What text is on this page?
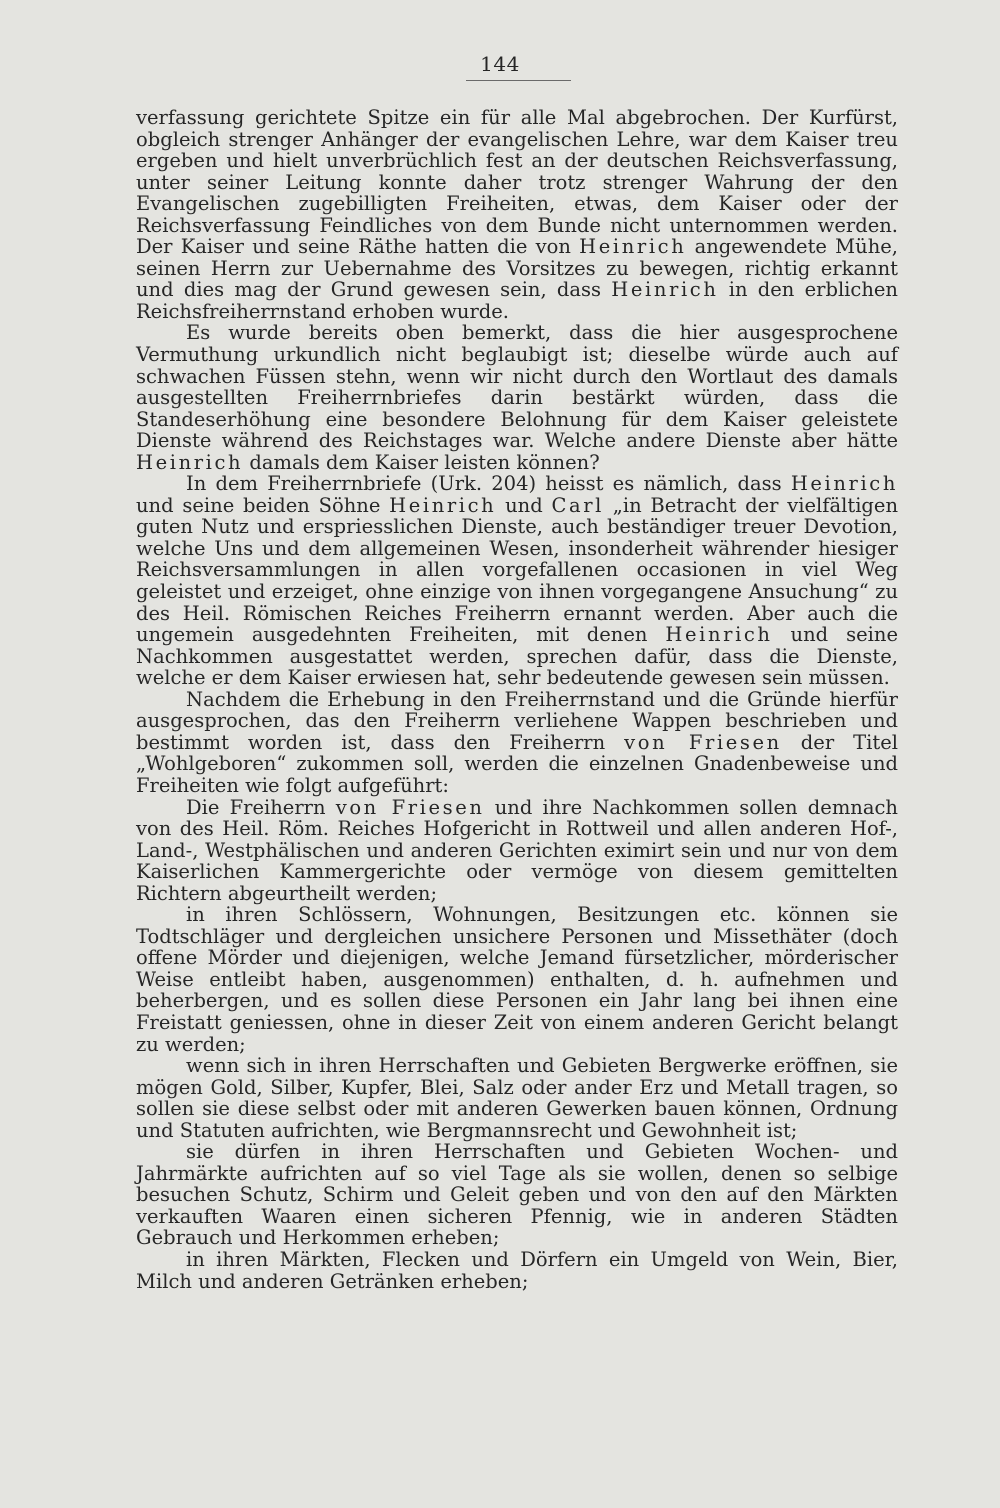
144

verfassung gerichtete Spitze ein für alle Mal abgebrochen. Der Kurfürst, obgleich strenger Anhänger der evangelischen Lehre, war dem Kaiser treu ergeben und hielt unverbrüchlich fest an der deutschen Reichsverfassung, unter seiner Leitung konnte daher trotz strenger Wahrung der den Evangelischen zugebilligten Freiheiten, etwas, dem Kaiser oder der Reichsverfassung Feindliches von dem Bunde nicht unternommen werden. Der Kaiser und seine Räthe hatten die von Heinrich angewendete Mühe, seinen Herrn zur Uebernahme des Vorsitzes zu bewegen, richtig erkannt und dies mag der Grund gewesen sein, dass Heinrich in den erblichen Reichsfreiherrnstand erhoben wurde.

Es wurde bereits oben bemerkt, dass die hier ausgesprochene Vermuthung urkundlich nicht beglaubigt ist; dieselbe würde auch auf schwachen Füssen stehn, wenn wir nicht durch den Wortlaut des damals ausgestellten Freiherrnbriefes darin bestärkt würden, dass die Standeserhöhung eine besondere Belohnung für dem Kaiser geleistete Dienste während des Reichstages war. Welche andere Dienste aber hätte Heinrich damals dem Kaiser leisten können?

In dem Freiherrnbriefe (Urk. 204) heisst es nämlich, dass Heinrich und seine beiden Söhne Heinrich und Carl „in Betracht der vielfältigen guten Nutz und erspriesslichen Dienste, auch beständiger treuer Devotion, welche Uns und dem allgemeinen Wesen, insonderheit währender hiesiger Reichsversammlungen in allen vorgefallenen occasionen in viel Weg geleistet und erzeiget, ohne einzige von ihnen vorgegangene Ansuchung“ zu des Heil. Römischen Reiches Freiherrn ernannt werden. Aber auch die ungemein ausgedehnten Freiheiten, mit denen Heinrich und seine Nachkommen ausgestattet werden, sprechen dafür, dass die Dienste, welche er dem Kaiser erwiesen hat, sehr bedeutende gewesen sein müssen.

Nachdem die Erhebung in den Freiherrnstand und die Gründe hierfür ausgesprochen, das den Freiherrn verliehene Wappen beschrieben und bestimmt worden ist, dass den Freiherrn von Friesen der Titel „Wohlgeboren“ zukommen soll, werden die einzelnen Gnadenbeweise und Freiheiten wie folgt aufgeführt:

Die Freiherrn von Friesen und ihre Nachkommen sollen demnach von des Heil. Röm. Reiches Hofgericht in Rottweil und allen anderen Hof-, Land-, Westphälischen und anderen Gerichten eximirt sein und nur von dem Kaiserlichen Kammergerichte oder vermöge von diesem gemittelten Richtern abgeurtheilt werden;

in ihren Schlössern, Wohnungen, Besitzungen etc. können sie Todtschläger und dergleichen unsichere Personen und Missethäter (doch offene Mörder und diejenigen, welche Jemand fürsetzlicher, mörderischer Weise entleibt haben, ausgenommen) enthalten, d. h. aufnehmen und beherbergen, und es sollen diese Personen ein Jahr lang bei ihnen eine Freistatt geniessen, ohne in dieser Zeit von einem anderen Gericht belangt zu werden;

wenn sich in ihren Herrschaften und Gebieten Bergwerke eröffnen, sie mögen Gold, Silber, Kupfer, Blei, Salz oder ander Erz und Metall tragen, so sollen sie diese selbst oder mit anderen Gewerken bauen können, Ordnung und Statuten aufrichten, wie Bergmannsrecht und Gewohnheit ist;

sie dürfen in ihren Herrschaften und Gebieten Wochen- und Jahrmärkte aufrichten auf so viel Tage als sie wollen, denen so selbige besuchen Schutz, Schirm und Geleit geben und von den auf den Märkten verkauften Waaren einen sicheren Pfennig, wie in anderen Städten Gebrauch und Herkommen erheben;

in ihren Märkten, Flecken und Dörfern ein Umgeld von Wein, Bier, Milch und anderen Getränken erheben;
